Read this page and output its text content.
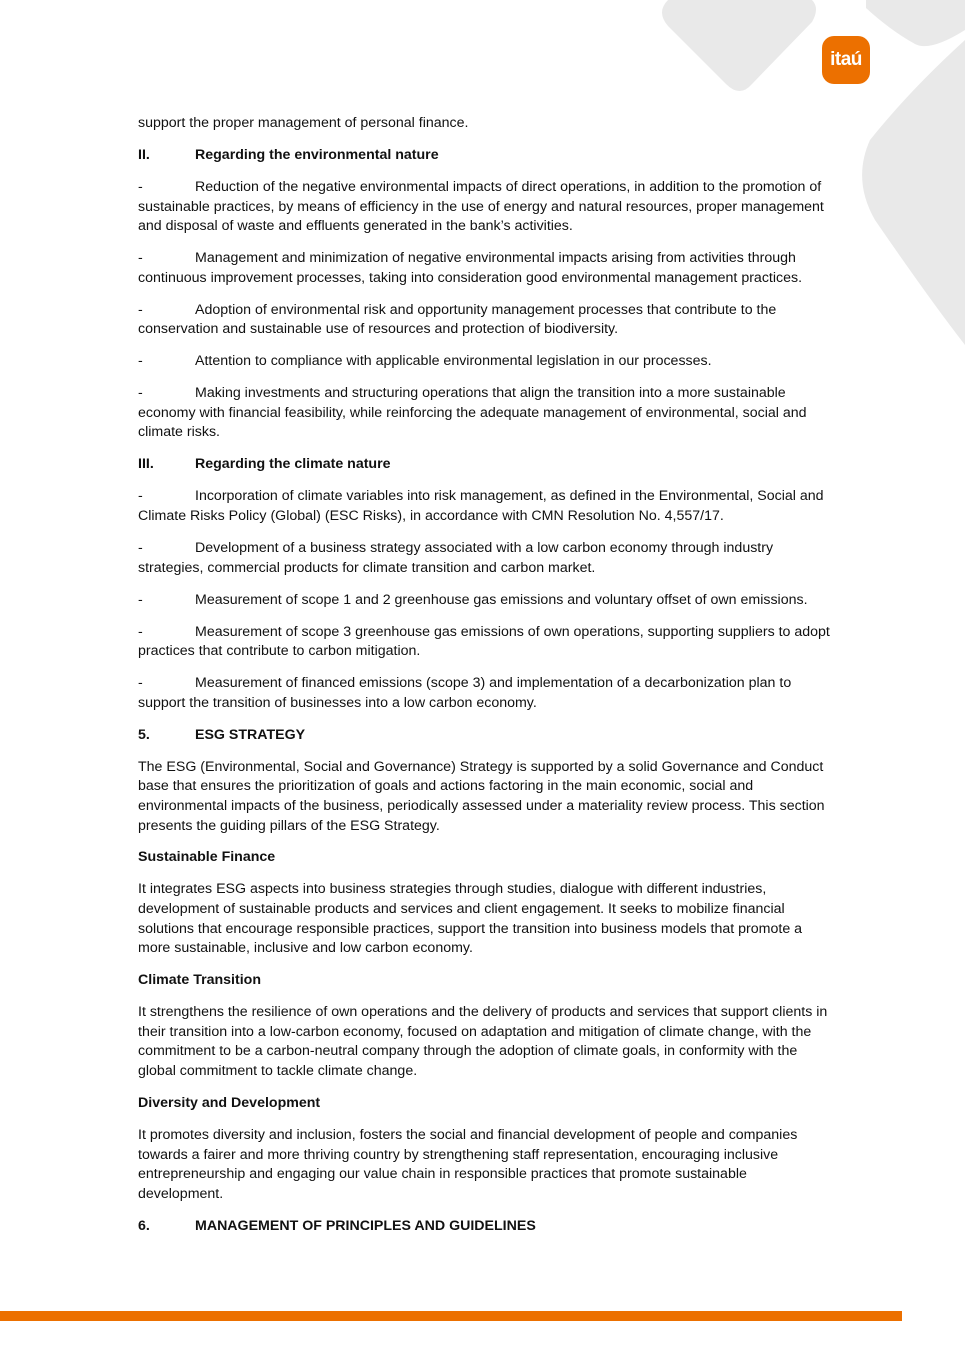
itaú

support the proper management of personal finance.

II.	Regarding the environmental nature

-	Reduction of the negative environmental impacts of direct operations, in addition to the promotion of sustainable practices, by means of efficiency in the use of energy and natural resources, proper management and disposal of waste and effluents generated in the bank’s activities.

-	Management and minimization of negative environmental impacts arising from activities through continuous improvement processes, taking into consideration good environmental management practices.

-	Adoption of environmental risk and opportunity management processes that contribute to the conservation and sustainable use of resources and protection of biodiversity.

-	Attention to compliance with applicable environmental legislation in our processes.

-	Making investments and structuring operations that align the transition into a more sustainable economy with financial feasibility, while reinforcing the adequate management of environmental, social and climate risks.

III.	Regarding the climate nature

-	Incorporation of climate variables into risk management, as defined in the Environmental, Social and Climate Risks Policy (Global) (ESC Risks), in accordance with CMN Resolution No. 4,557/17.

-	Development of a business strategy associated with a low carbon economy through industry strategies, commercial products for climate transition and carbon market.

-	Measurement of scope 1 and 2 greenhouse gas emissions and voluntary offset of own emissions.

-	Measurement of scope 3 greenhouse gas emissions of own operations, supporting suppliers to adopt practices that contribute to carbon mitigation.

-	Measurement of financed emissions (scope 3) and implementation of a decarbonization plan to support the transition of businesses into a low carbon economy.

5.	ESG STRATEGY

The ESG (Environmental, Social and Governance) Strategy is supported by a solid Governance and Conduct base that ensures the prioritization of goals and actions factoring in the main economic, social and environmental impacts of the business, periodically assessed under a materiality review process. This section presents the guiding pillars of the ESG Strategy.

Sustainable Finance

It integrates ESG aspects into business strategies through studies, dialogue with different industries, development of sustainable products and services and client engagement. It seeks to mobilize financial solutions that encourage responsible practices, support the transition into business models that promote a more sustainable, inclusive and low carbon economy.

Climate Transition

It strengthens the resilience of own operations and the delivery of products and services that support clients in their transition into a low-carbon economy, focused on adaptation and mitigation of climate change, with the commitment to be a carbon-neutral company through the adoption of climate goals, in conformity with the global commitment to tackle climate change.

Diversity and Development

It promotes diversity and inclusion, fosters the social and financial development of people and companies towards a fairer and more thriving country by strengthening staff representation, encouraging inclusive entrepreneurship and engaging our value chain in responsible practices that promote sustainable development.

6.	MANAGEMENT OF PRINCIPLES AND GUIDELINES
